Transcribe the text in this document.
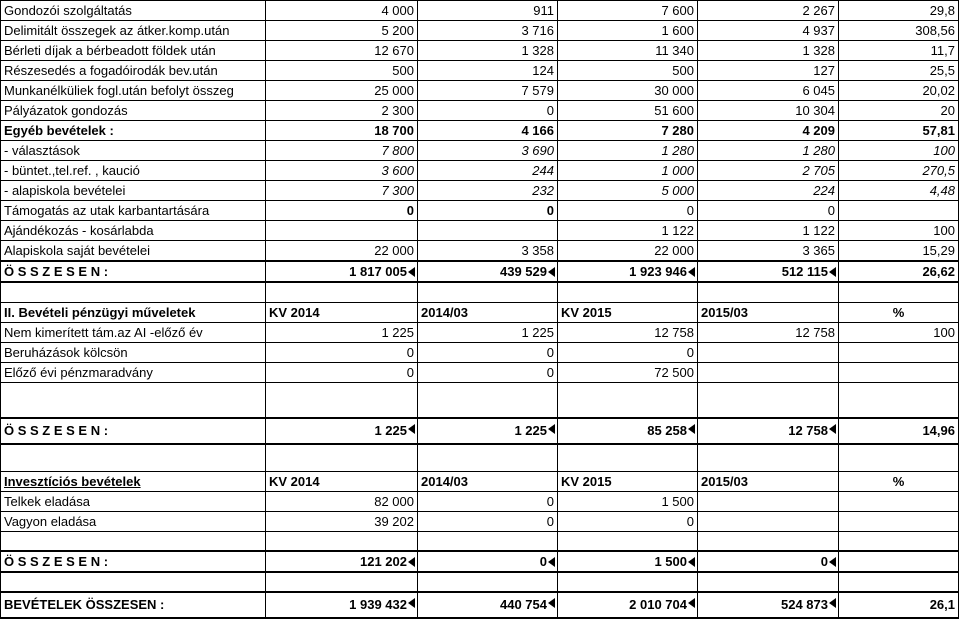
Gondozói szolgáltatás	4 000	911	7 600	2 267	29,8
Delimitált összegek az átker.komp.után	5 200	3 716	1 600	4 937	308,56
Bérleti díjak a bérbeadott földek után	12 670	1 328	11 340	1 328	11,7
Részesedés a fogadóirodák bev.után	500	124	500	127	25,5
Munkanélküliek fogl.után befolyt összeg	25 000	7 579	30 000	6 045	20,02
Pályázatok gondozás	2 300	0	51 600	10 304	20
Egyéb bevételek :	18 700	4 166	7 280	4 209	57,81
- választások	7 800	3 690	1 280	1 280	100
- büntet.,tel.ref. , kaució	3 600	244	1 000	2 705	270,5
- alapiskola bevételei	7 300	232	5 000	224	4,48
Támogatás az utak karbantartására	0	0	0	0	
Ajándékozás - kosárlabda			1 122	1 122	100
Alapiskola saját bevételei	22 000	3 358	22 000	3 365	15,29
Ö S S Z E S E N :	1 817 005	439 529	1 923 946	512 115	26,62

II. Bevételi pénzügyi műveletek	KV 2014	2014/03	KV 2015	2015/03	%
Nem kimerített tám.az AI -előző év	1 225	1 225	12 758	12 758	100
Beruházások kölcsön	0	0	0		
Előző évi pénzmaradvány	0	0	72 500		

Ö S S Z E S E N :	1 225	1 225	85 258	12 758	14,96

Invesztíciós bevételek	KV 2014	2014/03	KV 2015	2015/03	%
Telkek eladása	82 000	0	1 500		
Vagyon eladása	39 202	0	0		

Ö S S Z E S E N :	121 202	0	1 500	0	

BEVÉTELEK ÖSSZESEN :	1 939 432	440 754	2 010 704	524 873	26,1
